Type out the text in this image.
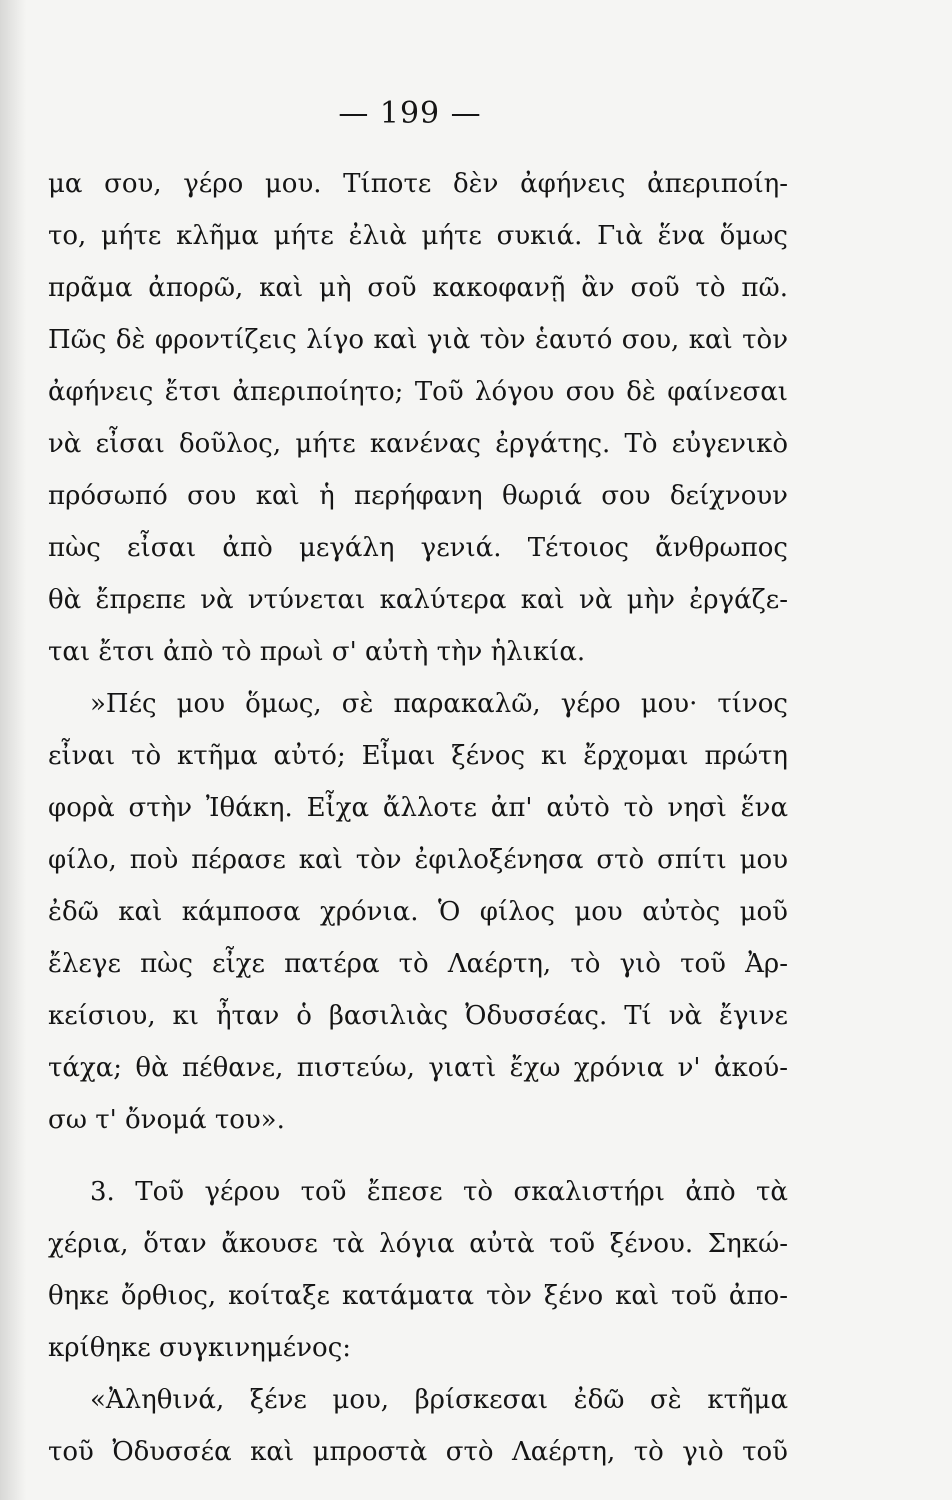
— 199 —
μα σου, γέρο μου. Τίποτε δὲν ἀφήνεις ἀπεριποίη-
το, μήτε κλῆμα μήτε ἐλιὰ μήτε συκιά. Γιὰ ἕνα ὅμως
πρᾶμα ἀπορῶ, καὶ μὴ σοῦ κακοφανῇ ἂν σοῦ τὸ πῶ.
Πῶς δὲ φροντίζεις λίγο καὶ γιὰ τὸν ἑαυτό σου, καὶ τὸν
ἀφήνεις ἔτσι ἀπεριποίητο; Τοῦ λόγου σου δὲ φαίνεσαι
νὰ εἶσαι δοῦλος, μήτε κανένας ἐργάτης. Τὸ εὐγενικὸ
πρόσωπό σου καὶ ἡ περήφανη θωριά σου δείχνουν
πὼς εἶσαι ἀπὸ μεγάλη γενιά. Τέτοιος ἄνθρωπος
θὰ ἔπρεπε νὰ ντύνεται καλύτερα καὶ νὰ μὴν ἐργάζε-
ται ἔτσι ἀπὸ τὸ πρωὶ σ' αὐτὴ τὴν ἡλικία.
»Πές μου ὅμως, σὲ παρακαλῶ, γέρο μου· τίνος
εἶναι τὸ κτῆμα αὐτό; Εἶμαι ξένος κι ἔρχομαι πρώτη
φορὰ στὴν Ἰθάκη. Εἶχα ἄλλοτε ἀπ' αὐτὸ τὸ νησὶ ἕνα
φίλο, ποὺ πέρασε καὶ τὸν ἐφιλοξένησα στὸ σπίτι μου
ἐδῶ καὶ κάμποσα χρόνια. Ὁ φίλος μου αὐτὸς μοῦ
ἔλεγε πὼς εἶχε πατέρα τὸ Λαέρτη, τὸ γιὸ τοῦ Ἀρ-
κείσιου, κι ἦταν ὁ βασιλιὰς Ὀδυσσέας. Τί νὰ ἔγινε
τάχα; θὰ πέθανε, πιστεύω, γιατὶ ἔχω χρόνια ν' ἀκού-
σω τ' ὄνομά του».
3. Τοῦ γέρου τοῦ ἔπεσε τὸ σκαλιστήρι ἀπὸ τὰ
χέρια, ὅταν ἄκουσε τὰ λόγια αὐτὰ τοῦ ξένου. Σηκώ-
θηκε ὄρθιος, κοίταξε κατάματα τὸν ξένο καὶ τοῦ ἀπο-
κρίθηκε συγκινημένος:
«Ἀληθινά, ξένε μου, βρίσκεσαι ἐδῶ σὲ κτῆμα
τοῦ Ὀδυσσέα καὶ μπροστὰ στὸ Λαέρτη, τὸ γιὸ τοῦ
